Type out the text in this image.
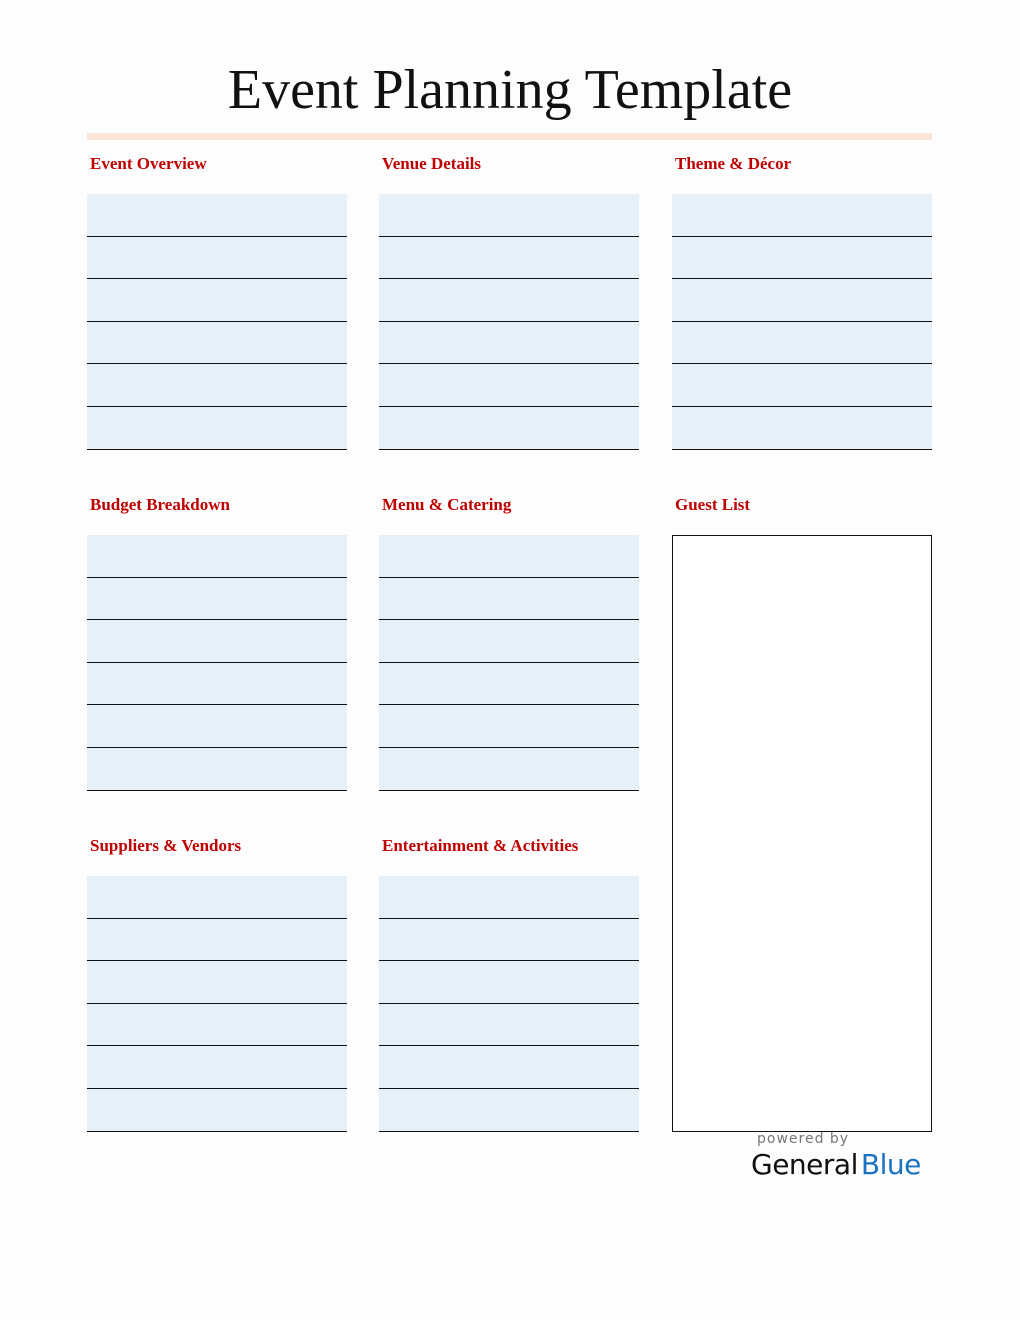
Event Planning Template
Event Overview	Venue Details	Theme & Décor
Budget Breakdown	Menu & Catering	Guest List
Suppliers & Vendors	Entertainment & Activities
powered by
General Blue
